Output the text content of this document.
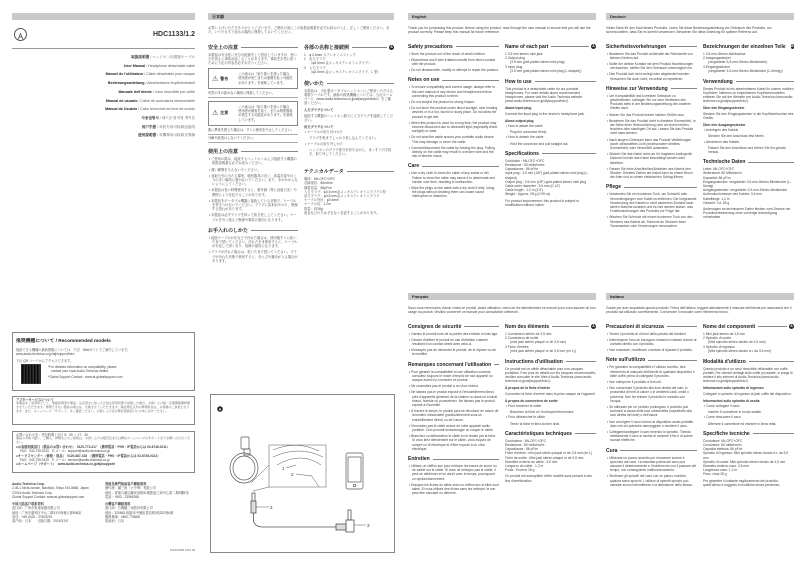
HDC1133/1.2
取扱説明書 / ヘッドホン用着脱ケーブル
User Manual / Headphone detachable cable
Manuel de l'utilisateur / Câble détachable pour casque
Bedienungsanleitung / Abnehmbares Kopfhörerkabel
Manuale dell'utente / Cavo rimovibile per cuffie
Manual de usuario / Cable de auriculares desmontable
Manual do Usuário / Cabo removível do fone de ouvido
사용설명서 / 헤드폰 탈착형 케이블
用户手册 / 耳机专用可拆卸连接线
使用說明書 / 耳機專用可拆卸式導線
推奨機種について / Recommended models
接続できる機種の最新情報については、下記　Webサイトでご案内しています。
www.audio-technica.co.jp/atj/support/hdc/
下の QR コードからアクセスできます。
*For detailed information on compatibility, please
contact your local Audio-Technica dealer.
*Global Support Contact : www.at-globalsupport.com
アフターサービスについて
本製品をご家庭用として、取扱説明書や製品・注意書きに従った正常な使用状態で故障した場合、お買い上げ後一定期間無償修理させていただきます。修理できない製品の場合は、交換させていただきます。保証規定以外の修理料金は、お客様のご負担となります。また、ホームページ「サポート」をご確認ください。お買い上げ店か弊社相談窓口にお申し付けください。
お問い合わせ先・受付時間 / 平日 9：00 ～ 17：30
製品のお取り扱い、ご購入、修理などのご相談は、お買い上げの販売店または弊社ホームページのサポートまでお問い合わせください。
●お客様相談窓口（製品のお問い合わせ）　0120-773-417　（携帯電話・PHS・IP電話からは 03-6746-0211）
FAX：042-739-9120　E メール：support@audio-technica.co.jp
●サービスセンター（修理・部品）　0120-887-416　（携帯電話・PHS・IP電話からは 03-6746-0212）
FAX：042-739-9120　E メール：service@audio-technica.co.jp
●ホームページ（サポート）　www.audio-technica.co.jp/atj/support/
Audio-Technica Corp.
2-46-1 Nishi-naruse, Machida, Tokyo 194-8666, Japan
©2016 Audio-Technica Corp.
Global Support Contact: www.at-globalsupport.com
中国大陆客户联系资料
进口商：广州市奥速电器有限公司
地址：广州市越秀区中山二路31号尚雅大厦508室
电话：+86 (0)20 - 37603291
原产地：日本　　出版日期：2016年9月
香港及澳門地區客戶聯絡資料
總代理：鐵三角（大中華）有限公司
地址：香港九龍紅磡民裕街51號凱旋工商中心第二期9樓E室
電話：+852 - 23569268
台灣客戶聯絡資料
進口商：台灣鐵三角股份有限公司
地址：320863 桃園市中壢區普忠路2段322巷6號
服務專線：0800-776688
原產地：日本
152A07890 2016.09
日本語
お買い上げいただきありがとうございます。ご使用の前にこの取扱説明書を必ずお読みのうえ、正しくご使用ください。また、いつでもすぐ読める場所に保管しておいてください。
安全上の注意
本製品は安全性に充分な配慮をして設計していますが、使い方を誤ると事故が起こることがあります。事故を未然に防ぐために下記の内容を必ずお守りください。
⚠ 警告
この表示は「取り扱いを誤った場合、使用者が死亡または重傷を負う可能性があります」を意味しています。
幼児の手の届かない場所に保管してください。
⚠ 注意
この表示は「取り扱いを誤った場合、使用者が傷害を負う、または物的損害が発生する可能性があります」を意味しています。
肌に異常を感じた場合は、すぐに使用を中止してください。
分解や改造はしないでください。
使用上の注意
• ご使用の際は、接続するヘッドホンおよび接続する機器の取扱説明書も必ずお読みください。
• 強い衝撃を与えないでください。
• 直射日光の当たる場所、暖房器具の近く、高温多湿やほこりの多い場所に置かないでください。また、水がかからないようにしてください。
• 本製品は長い時間使用すると、紫外線（特に直射日光）や摩擦により変色することがあります。
• 本製品をポータブル機器に接続している状態で、ケーブルを巻きつけないでください。プラグに負担がかかり、断線する恐れがあります。
• 本製品は必ずプラグを持って抜き差ししてください。ケーブルを引っ張ると断線や事故の原因になります。
お手入れのしかた
• 接続ケーブルが汗などで汚れた場合は、使用後すぐに乾いた布で拭いてください。汚れたまま使用すると、ケーブルが劣化して固くなり、故障の原因になります。
• プラグが汚れた場合は、乾いた布で拭いてください。プラグが汚れた状態で使用すると、音とびや雑音が入る場合があります。
各部の名称と接続例	A
1　φ 3.5mm ステレオミニジャック
2　出力プラグ
（φ3.5mm 金メッキステレオミニプラグ）
3　入力プラグ
（φ3.5mm 金メッキステレオミニプラグ、L 型）
使いかた
本製品は、当社製ポータブルヘッドホンにご使用いただける着脱ケーブルです。最新の推奨機種については、当社ホームページ（www.audio-technica.co.jp/atj/support/hdc/）をご確認ください。
入力プラグについて
接続する機器のヘッドホン端子に入力プラグを接続してください。
出力プラグについて
• ケーブルの取り付けかた
プラグを奥までしっかり差し込んでください。
• ケーブルの取り外しかた
ヘッドホンのプラグ部分を持ちながら、まっすぐ引き抜き、取り外してください。
テクニカルデータ
導体：6N-OFC+OFC
芯線抵抗：80mΩ/m
静電容量：86pF/m
入力プラグ：φ3.5 mm金メッキステレオミニプラグ L型
出力プラグ：φ3.5 mm金メッキステレオミニプラグ
ケーブル外径：φ3.6mm
ケーブル長：1.2m
質量：約28g
改良などのため予告なく変更することがあります。
A
1
2
2
3
English
Thank you for purchasing this product. Before using the product, read through the user manual to ensure that you will use the product correctly. Please keep this manual for future reference.
Safety precautions
• Store the product out of the reach of small children.
• Discontinue use if skin irritation results from direct contact with the product.
• Do not disassemble, modify or attempt to repair the product.
Notes on use
• To ensure compatibility and correct usage, always refer to the user manual of any device and headphones before connecting this product to them.
• Do not subject the product to strong impact.
• Do not store the product under direct sunlight, near heating devices or in a hot, humid or dusty place. Do not allow the product to get wet.
• When this product is used for a long time, the product may become discolored due to ultraviolet light (especially direct sunlight) or wear.
• Do not wind the cable around your portable audio device. This may damage or sever the cable.
• Connect/disconnect the cable by holding the plug. Pulling directly on the cable may result in a broken wire and the risk of electric shock.
Care
• Use a dry cloth to clean the cable of any sweat or dirt. Failure to clean the cable may cause it to deteriorate and harden over time, resulting in malfunction.
• Wipe the plugs on the cable with a dry cloth if dirty. Using the plugs without cleaning them can cause sound interruption or distortion.
Name of each part	A
1 3.5 mm stereo mini jack
2 Output plug
(3.5 mm gold-plated stereo mini plug)
3 Input plug
(3.5 mm gold-plated stereo mini plug (L-shaped))
How to use
This product is a detachable cable for our portable headphones. For more details about recommended headphones, please visit the Audio-Technica website (www.audio-technica.co.jp/atj/support/hdc/).
About input plug
Connect the input plug to the device's headphone jack.
About output plug
• How to attach the cable
Plug the connector firmly.
• How to detach the cable
Hold the connector and pull straight out.
Specifications
Conductor : 6N-OFC+OFC
Resistance : 80 milliohm/m
Capacitance : 86 pF/m
Input plug : 3.5 mm (1/8") gold-plated stereo mini plug (L-shaped)
Output plug : 3.5 mm (1/8") gold-plated stereo mini plug
Cable outer diameter : 3.6 mm (0.14")
Cable length : 1.2 m (3.9')
Weight : Approx. 28 g (0.99 oz)
For product improvement, this product is subject to modification without notice.
Deutsch
Vielen Dank für den Kauf dieses Produkts. Lesen Sie diese Bedienungsanleitung vor Gebrauch des Produkts, um sicherzustellen, dass Sie es korrekt verwenden. Bewahren Sie diese Anleitung für spätere Referenz auf.
Sicherheitsvorkehrungen
• Bewahren Sie das Produkt außerhalb der Reichweite von kleinen Kindern auf.
• Sollte der direkte Kontakt mit dem Produkt Hautreizungen verursachen, stellen Sie den Gebrauch unverzüglich ein.
• Das Produkt darf nicht zerlegt oder abgeändert werden. Versuchen Sie auch nicht, es selbst zu reparieren.
Hinweise zur Verwendung
• Um Kompatibilität und korrekten Gebrauch zu gewährleisten, schlagen Sie vor dem Verbinden des Produkts stets in der Bedienungsanleitung des anderen Geräts nach.
• Setzen Sie das Produkt keinen starken Stößen aus.
• Bewahren Sie das Produkt nicht in direktem Sonnenlicht, in der Nähe einer Heizvorrichtung oder an einem heißen, feuchten oder staubigen Ort auf. Lassen Sie das Produkt nicht nass werden.
• Nach langem Gebrauch kann das Produkt Verfärbungen durch ultraviolettes Licht (insbesondere direktes Sonnenlicht) oder Verschleiß aufweisen.
• Wickeln Sie das Kabel nicht um Ihr tragbares Audiogerät. Dadurch könnte das Kabel beschädigt werden oder abreißen.
• Fassen Sie beim Anschließen/Abziehen des Kabels den Stecker. Direktes Ziehen am Kabel kann zu einem Bruch der Ader und zu einem elektrischen Schlag führen.
Pflege
• Verwenden Sie ein trockenes Tuch, um Schweiß oder Verunreinigungen vom Kabel zu entfernen. Die fortgesetzte Verwendung des Kabels in nicht sauberem Zustand kann seinen Material schaden und es hart werden lassen, was Funktionsstörungen des Produkts zur Folge hat.
• Wischen Sie Schmutz mit einem trockenen Tuch von den Steckern des Kabels ab. Schmutz an Steckern kann Tonaussetzer oder Verzerrungen verursachen.
Bezeichnungen der einzelnen Teile A
1 3,5-mm-Stereo-Minibuchse
2 Ausgangsstecker
(vergoldeter 3,5-mm-Stereo-Ministecker)
3 Eingangsstecker
(vergoldeter 3,5-mm-Stereo-Ministecker (L-förmig))
Verwendung
Dieses Produkt ist ein abnehmbares Kabel für unsere mobilen Kopfhörer. Näheres zu empfohlenen Kopfhörermodellen erfahren Sie auf der Website von Audio-Technica (www.audio-technica.co.jp/atj/support/hdc/).
Über den Eingangsstecker
Stecken Sie den Eingangsstecker in die Kopfhörerbuchse des Geräts.
Über den Ausgangsstecker
• Anbringen des Kabels
Stecken Sie den Anschluss fest hinein.
• Abnehmen des Kabels
Fassen Sie den Anschluss und ziehen Sie ihn gerade heraus.
Technische Daten
Leiter: 6N-OFC+OFC
Widerstand: 80 Milliohm/m
Kapazität: 86 pF/m
Eingangsstecker: vergoldeter 3,5-mm-Stereo-Ministecker (L-förmig)
Ausgangsstecker: vergoldeter 3,5-mm-Stereo-Ministecker
Außendurchmesser des Kabels: 3,6 mm
Kabellänge: 1,2 m
Gewicht: Ca. 28 g
Änderungen an technischen Daten bleiben zum Zwecke der Produktverbesserung ohne vorherige Ankündigung vorbehalten.
Français
Nous vous remercions d'avoir choisi ce produit. Avant utilisation, merci de lire attentivement ce manuel pour vous assurer du bon usage du produit. Veuillez conserver ce manuel pour consultation ultérieure.
Consignes de sécurité
• Gardez le produit hors de la portée des enfants en bas âge.
• Cessez d'utiliser le produit en cas d'irritation cutanée résultant d'un contact direct avec celui-ci.
• N'essayez pas de démonter le produit, de le réparer ou de le modifier.
Remarques concernant l'utilisation
• Pour garantir la compatibilité et une utilisation correcte, consultez toujours le mode d'emploi de tout appareil ou casque avant d'y connecter ce produit.
• Ne soumettez pas le produit à un choc violent.
• Ne laissez pas le produit exposé à l'ensoleillement direct, près d'appareils générant de la chaleur ou dans un endroit chaud, humide ou poussiéreux. Ne laissez pas le produit exposé à l'humidité.
• À travers le temps, le produit peut se décolorer en raison de la lumière ultraviolette (particulièrement sous un ensoleillement direct) ou de l'usure.
• N'enroulez pas le câble autour de votre appareil audio portable. Ceci pourrait endommager ou couper le câble.
• Branchez ou débranchez le câble en le tenant par la fiche. Si vous tirez directement sur le câble, vous risquez de rompre un fil électrique et d'être exposé à un choc électrique.
Entretien
• Utilisez un chiffon sec pour nettoyer les traces de sueur ou de saleté sur le câble. Si vous ne nettoyez pas le câble, il peut se détériorer et se durcir avec le temps, provoquant un dysfonctionnement.
• Essuyez les fiches du câble avec un chiffon sec si elles sont sales. Si vous utilisez des fiches sans les nettoyer, le son peut être saccadé ou déformé.
Nom des éléments	A
1 Connecteur stéréo de 3,5 mm
2 Connecteur de sortie
(mini jack stéréo plaqué or de 3,5 mm)
3 Fiche d'entrée
(mini jack stéréo plaqué or de 3,5 mm (en L))
Instructions d'utilisation
Ce produit est un câble détachable pour nos casques portables. Pour plus de détails sur les casques recommandés, veuillez consulter le site Web d'Audio-Technica (www.audio-technica.co.jp/atj/support/hdc/).
À propos de la fiche d'entrée
Connectez la fiche d'entrée dans la prise casque de l'appareil.
À propos du connecteur de sortie
• Pour brancher le câble
Branchez la fiche en l'enfonçant fermement.
• Pour débrancher le câble
Tenez la fiche et tirez-la bien droit.
Caractéristiques techniques
Conducteur : 6N-OFC+OFC
Résistance : 80 milliohm/m
Capacitance : 86 pF/m
Fiche d'entrée : mini jack stéréo plaqué or de 3,5 mm (en L)
Fiche de sortie : Mini jack stéréo plaqué or de 3,5 mm
Diamètre externe du câble : 3,6 mm
Longueur du câble : 1,2 m
Poids : Environ 28 g
Ce produit est susceptible d'être modifié sans préavis à des fins d'amélioration.
Italiano
Grazie per aver acquistato questo prodotto. Prima dell'utilizzo, leggere attentamente il manuale dell'utente per assicurarsi che il prodotto sia utilizzato correttamente. Conservare il manuale come riferimento futuro.
Precauzioni di sicurezza
• Tenere il prodotto al di fuori della portata dei bambini.
• Interrompere l'uso se insorgono irritazioni cutanee dovute al contatto diretto con il prodotto.
• Non smontare, modificare o tentare di riparare il prodotto.
Note sull'utilizzo
• Per garantire la compatibilità e l'utilizzo corretto, fare riferimento al manuale dell'utente di qualsiasi dispositivo e delle cuffie prima di collegarvi il prodotto.
• Non sottoporre il prodotto a forti urti.
• Non conservare il prodotto alla luce diretta del sole, in prossimità di fonti di calore o in ambienti caldi, umidi o polverosi. Non far entrare il prodotto in contatto con l'acqua.
• Se utilizzato per un periodo prolungato, il prodotto può scolorirsi a causa della luce ultravioletta (soprattutto alla luce diretta del sole) o dell'usura.
• Non avvolgere il cavo intorno al dispositivo audio portatile, dato che ciò potrebbe danneggiare o recidere il cavo.
• Collegare/scollegare il cavo tenendo lo spinotto. Tirando direttamente il cavo si rischia di rompere il filo e di subire scosse elettriche.
Cura
• Utilizzare un panno asciutto per rimuovere sudore e sporcizia dal cavo. La mancata pulizia del cavo può causare il deterioramento e l'indurimento con il passare del tempo, con conseguente malfunzionamento.
• Strofinare gli spinotti del cavo con un panno morbido, qualora siano sporchi. L'utilizzo di spinotti sporchi può causare suono intermittente o la distorsione dello stesso.
Nome dei componenti	A
1 Mini jack stereo da 3,5 mm
2 Spinotto di uscita
(Mini spinotto stereo dorato da 3,5 mm)
3 Spinotto di ingresso
(Mini spinotto stereo dorato a L da 3,5 mm)
Modalità d'utilizzo
Questo prodotto è un cavo rimovibile utilizzabile con cuffie portatili. Per ulteriori dettagli sulle cuffie più adatte, si prega di visitare il sito internet di Audio-Technica (www.audio-technica.co.jp/atj/support/hdc/).
Informazioni sullo spinotto di ingresso
Collegare lo spinotto di ingresso al jack cuffie del dispositivo.
Informazioni sullo spinotto di uscita
• Come collegare il cavo
Inserire il connettore in modo stabile.
• Come rimuovere il cavo
Afferrare il connettore ed estrarre in linea retta.
Specifiche tecniche
Conduttore: 6N-OFC+OFC
Conduttore: 80 milliohm/m
Capacità elettrica: 86 pF/m
Spinotto di ingresso: Mini spinotto stereo dorato a L da 3,5 mm
Spinotto di uscita: Mini spinotto stereo dorato da 3,5 mm
Diametro esterno cavo: 3,6 mm
Lunghezza cavo: 1,2 m
Peso: circa 28 g
Per garantire il costante miglioramento del prodotto, quest'ultimo è soggetto a modifiche senza preavviso.
